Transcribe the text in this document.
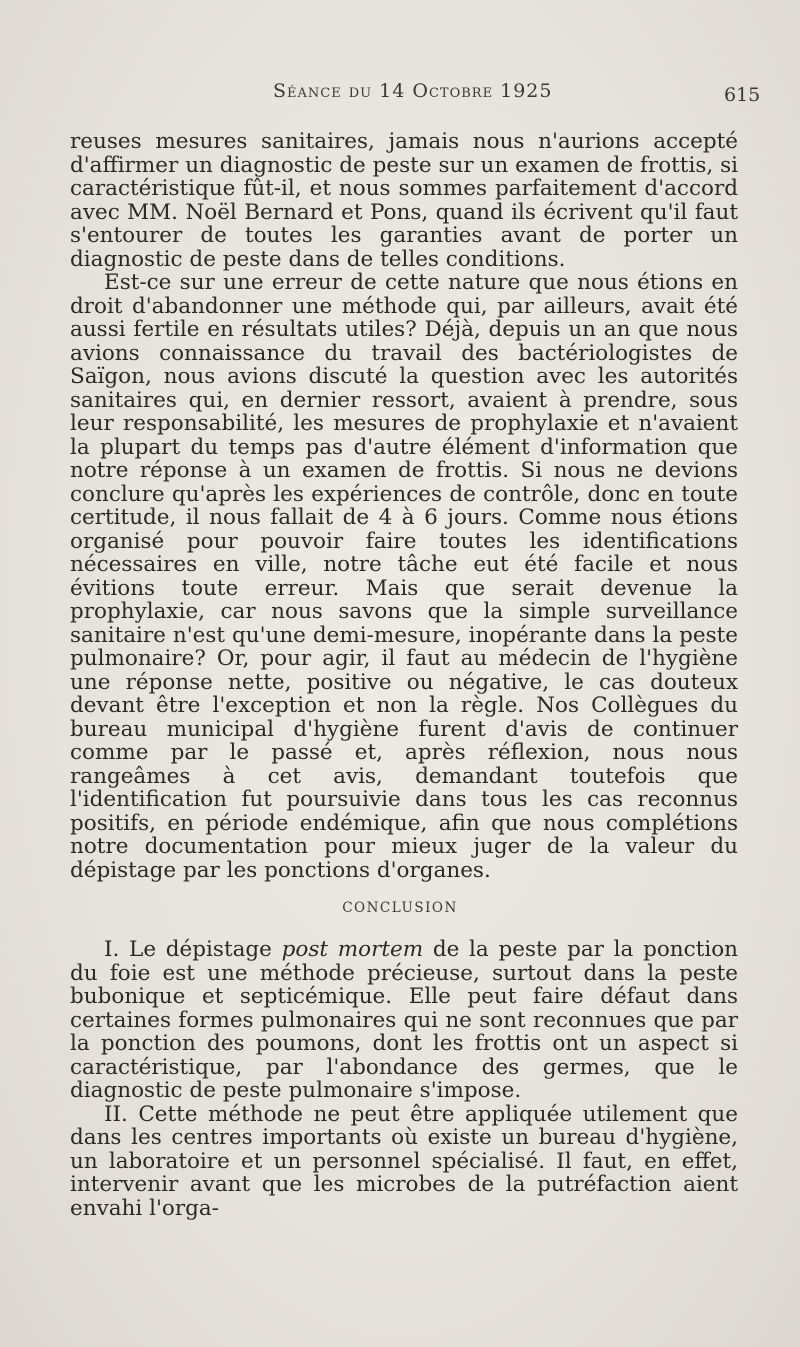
Séance du 14 Octobre 1925	615

reuses mesures sanitaires, jamais nous n'aurions accepté d'affirmer un diagnostic de peste sur un examen de frottis, si caractéristique fût-il, et nous sommes parfaitement d'accord avec MM. Noël Bernard et Pons, quand ils écrivent qu'il faut s'entourer de toutes les garanties avant de porter un diagnostic de peste dans de telles conditions.

Est-ce sur une erreur de cette nature que nous étions en droit d'abandonner une méthode qui, par ailleurs, avait été aussi fertile en résultats utiles? Déjà, depuis un an que nous avions connaissance du travail des bactériologistes de Saïgon, nous avions discuté la question avec les autorités sanitaires qui, en dernier ressort, avaient à prendre, sous leur responsabilité, les mesures de prophylaxie et n'avaient la plupart du temps pas d'autre élément d'information que notre réponse à un examen de frottis. Si nous ne devions conclure qu'après les expériences de contrôle, donc en toute certitude, il nous fallait de 4 à 6 jours. Comme nous étions organisé pour pouvoir faire toutes les identifications nécessaires en ville, notre tâche eut été facile et nous évitions toute erreur. Mais que serait devenue la prophylaxie, car nous savons que la simple surveillance sanitaire n'est qu'une demi-mesure, inopérante dans la peste pulmonaire? Or, pour agir, il faut au médecin de l'hygiène une réponse nette, positive ou négative, le cas douteux devant être l'exception et non la règle. Nos Collègues du bureau municipal d'hygiène furent d'avis de continuer comme par le passé et, après réflexion, nous nous rangeâmes à cet avis, demandant toutefois que l'identification fut poursuivie dans tous les cas reconnus positifs, en période endémique, afin que nous complétions notre documentation pour mieux juger de la valeur du dépistage par les ponctions d'organes.

CONCLUSION

I. Le dépistage post mortem de la peste par la ponction du foie est une méthode précieuse, surtout dans la peste bubonique et septicémique. Elle peut faire défaut dans certaines formes pulmonaires qui ne sont reconnues que par la ponction des poumons, dont les frottis ont un aspect si caractéristique, par l'abondance des germes, que le diagnostic de peste pulmonaire s'impose.

II. Cette méthode ne peut être appliquée utilement que dans les centres importants où existe un bureau d'hygiène, un laboratoire et un personnel spécialisé. Il faut, en effet, intervenir avant que les microbes de la putréfaction aient envahi l'orga-
